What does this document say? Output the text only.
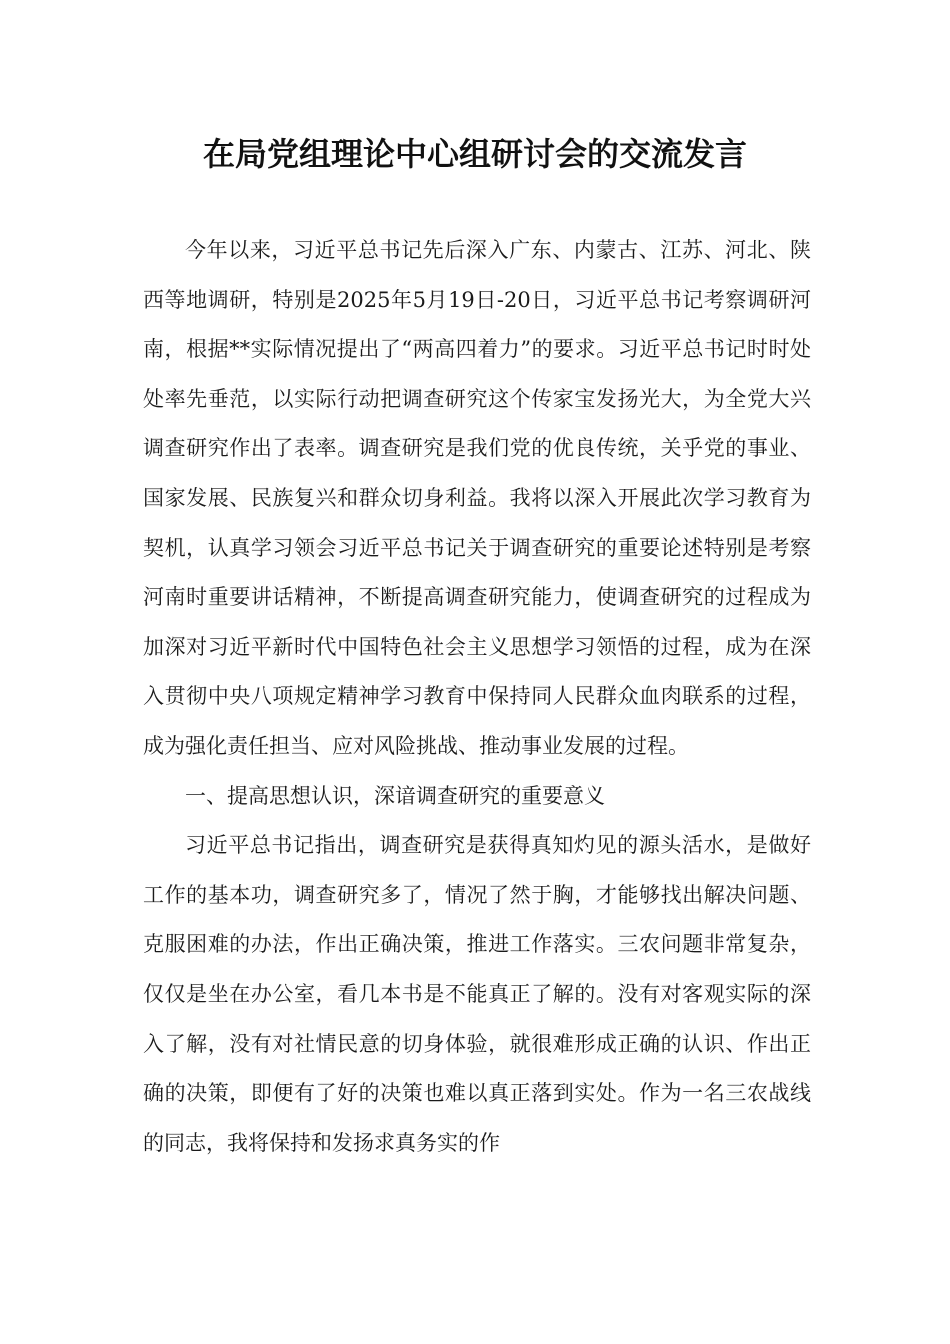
在局党组理论中心组研讨会的交流发言

今年以来，习近平总书记先后深入广东、内蒙古、江苏、河北、陕西等地调研，特别是2025年5月19日-20日，习近平总书记考察调研河南，根据**实际情况提出了“两高四着力”的要求。习近平总书记时时处处率先垂范，以实际行动把调查研究这个传家宝发扬光大，为全党大兴调查研究作出了表率。调查研究是我们党的优良传统，关乎党的事业、国家发展、民族复兴和群众切身利益。我将以深入开展此次学习教育为契机，认真学习领会习近平总书记关于调查研究的重要论述特别是考察河南时重要讲话精神，不断提高调查研究能力，使调查研究的过程成为加深对习近平新时代中国特色社会主义思想学习领悟的过程，成为在深入贯彻中央八项规定精神学习教育中保持同人民群众血肉联系的过程，成为强化责任担当、应对风险挑战、推动事业发展的过程。

一、提高思想认识，深谙调查研究的重要意义

习近平总书记指出，调查研究是获得真知灼见的源头活水，是做好工作的基本功，调查研究多了，情况了然于胸，才能够找出解决问题、克服困难的办法，作出正确决策，推进工作落实。三农问题非常复杂，仅仅是坐在办公室，看几本书是不能真正了解的。没有对客观实际的深入了解，没有对社情民意的切身体验，就很难形成正确的认识、作出正确的决策，即便有了好的决策也难以真正落到实处。作为一名三农战线的同志，我将保持和发扬求真务实的作
